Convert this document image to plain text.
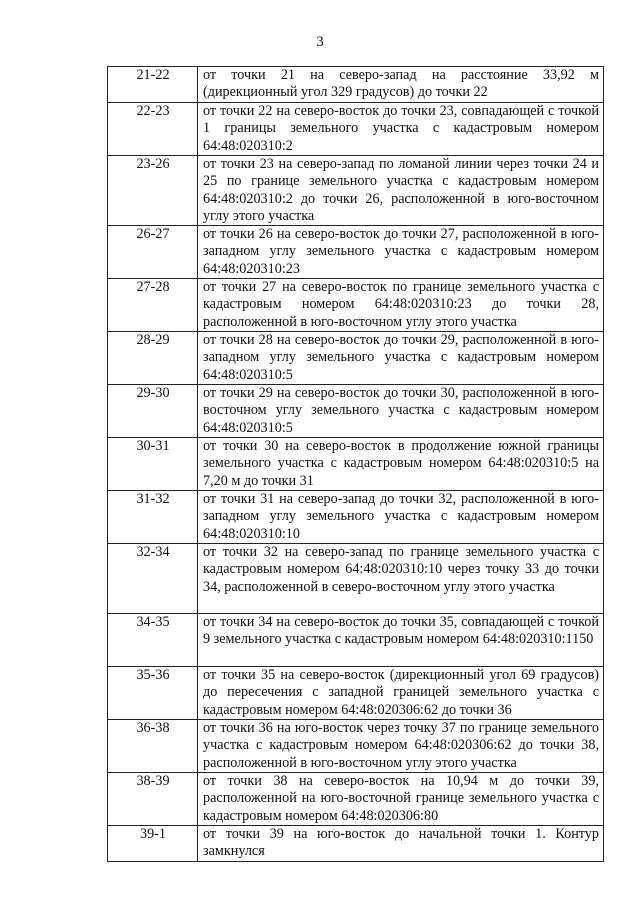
3
21-22	от точки 21 на северо-запад на расстояние 33,92 м (дирекционный угол 329 градусов) до точки 22
22-23	от точки 22 на северо-восток до точки 23, совпадающей с точкой 1 границы земельного участка с кадастровым номером 64:48:020310:2
23-26	от точки 23 на северо-запад по ломаной линии через точки 24 и 25 по границе земельного участка с кадастровым номером 64:48:020310:2 до точки 26, расположенной в юго-восточном углу этого участка
26-27	от точки 26 на северо-восток до точки 27, расположенной в юго-западном углу земельного участка с кадастровым номером 64:48:020310:23
27-28	от точки 27 на северо-восток по границе земельного участка с кадастровым номером 64:48:020310:23 до точки 28, расположенной в юго-восточном углу этого участка
28-29	от точки 28 на северо-восток до точки 29, расположенной в юго-западном углу земельного участка с кадастровым номером 64:48:020310:5
29-30	от точки 29 на северо-восток до точки 30, расположенной в юго-восточном углу земельного участка с кадастровым номером 64:48:020310:5
30-31	от точки 30 на северо-восток в продолжение южной границы земельного участка с кадастровым номером 64:48:020310:5 на 7,20 м до точки 31
31-32	от точки 31 на северо-запад до точки 32, расположенной в юго-западном углу земельного участка с кадастровым номером 64:48:020310:10
32-34	от точки 32 на северо-запад по границе земельного участка с кадастровым номером 64:48:020310:10 через точку 33 до точки 34, расположенной в северо-восточном углу этого участка
34-35	от точки 34 на северо-восток до точки 35, совпадающей с точкой 9 земельного участка с кадастровым номером 64:48:020310:1150
35-36	от точки 35 на северо-восток (дирекционный угол 69 градусов) до пересечения с западной границей земельного участка с кадастровым номером 64:48:020306:62 до точки 36
36-38	от точки 36 на юго-восток через точку 37 по границе земельного участка с кадастровым номером 64:48:020306:62 до точки 38, расположенной в юго-восточном углу этого участка
38-39	от точки 38 на северо-восток на 10,94 м до точки 39, расположенной на юго-восточной границе земельного участка с кадастровым номером 64:48:020306:80
39-1	от точки 39 на юго-восток до начальной точки 1. Контур замкнулся
